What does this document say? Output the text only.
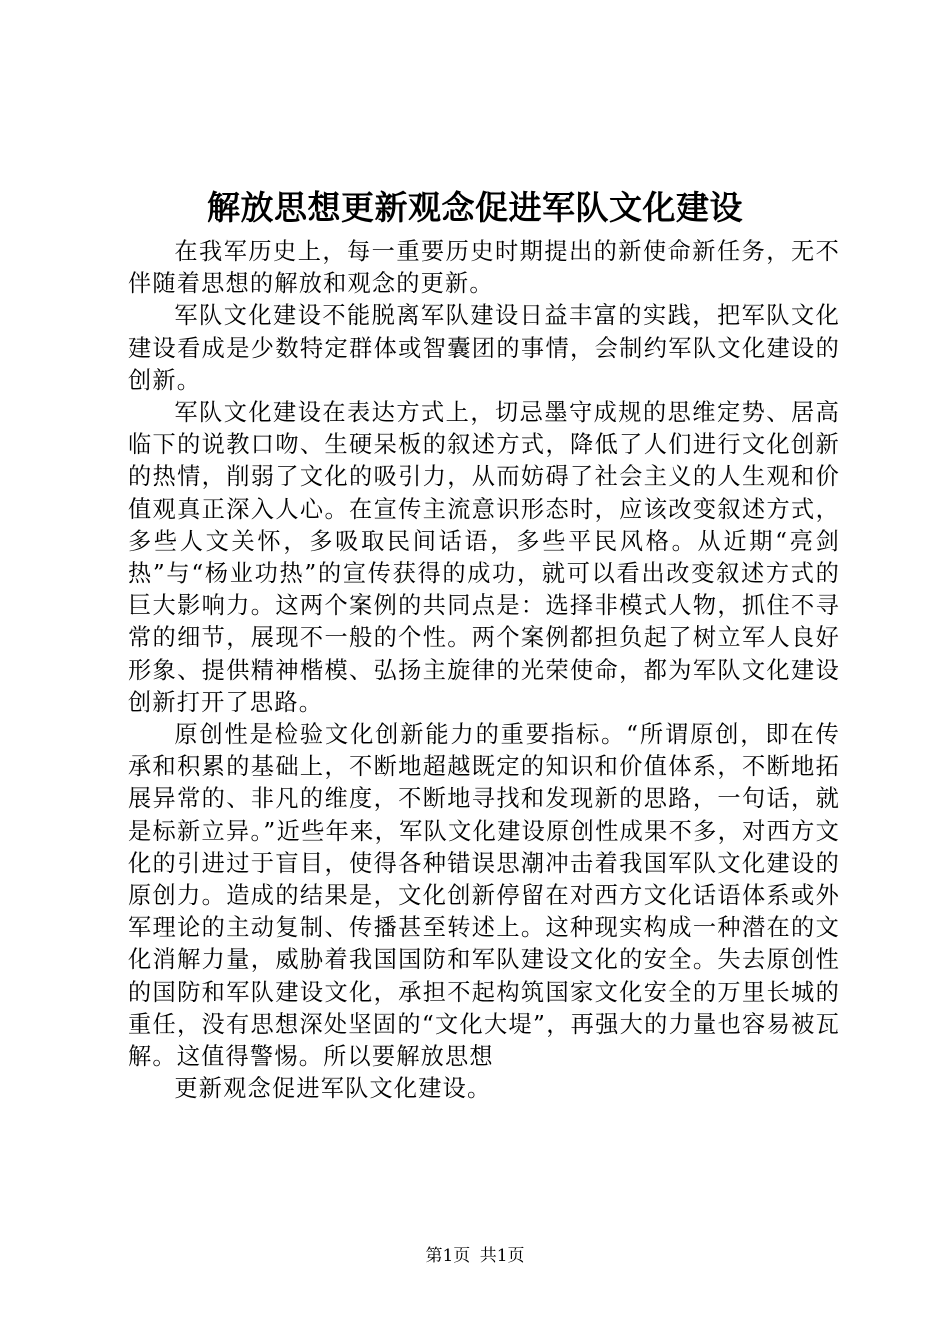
解放思想更新观念促进军队文化建设

在我军历史上，每一重要历史时期提出的新使命新任务，无不伴随着思想的解放和观念的更新。

军队文化建设不能脱离军队建设日益丰富的实践，把军队文化建设看成是少数特定群体或智囊团的事情，会制约军队文化建设的创新。

军队文化建设在表达方式上，切忌墨守成规的思维定势、居高临下的说教口吻、生硬呆板的叙述方式，降低了人们进行文化创新的热情，削弱了文化的吸引力，从而妨碍了社会主义的人生观和价值观真正深入人心。在宣传主流意识形态时，应该改变叙述方式，多些人文关怀，多吸取民间话语，多些平民风格。从近期“亮剑热”与“杨业功热”的宣传获得的成功，就可以看出改变叙述方式的巨大影响力。这两个案例的共同点是：选择非模式人物，抓住不寻常的细节，展现不一般的个性。两个案例都担负起了树立军人良好形象、提供精神楷模、弘扬主旋律的光荣使命，都为军队文化建设创新打开了思路。

原创性是检验文化创新能力的重要指标。“所谓原创，即在传承和积累的基础上，不断地超越既定的知识和价值体系，不断地拓展异常的、非凡的维度，不断地寻找和发现新的思路，一句话，就是标新立异。”近些年来，军队文化建设原创性成果不多，对西方文化的引进过于盲目，使得各种错误思潮冲击着我国军队文化建设的原创力。造成的结果是，文化创新停留在对西方文化话语体系或外军理论的主动复制、传播甚至转述上。这种现实构成一种潜在的文化消解力量，威胁着我国国防和军队建设文化的安全。失去原创性的国防和军队建设文化，承担不起构筑国家文化安全的万里长城的重任，没有思想深处坚固的“文化大堤”，再强大的力量也容易被瓦解。这值得警惕。所以要解放思想

更新观念促进军队文化建设。

第1页 共1页
